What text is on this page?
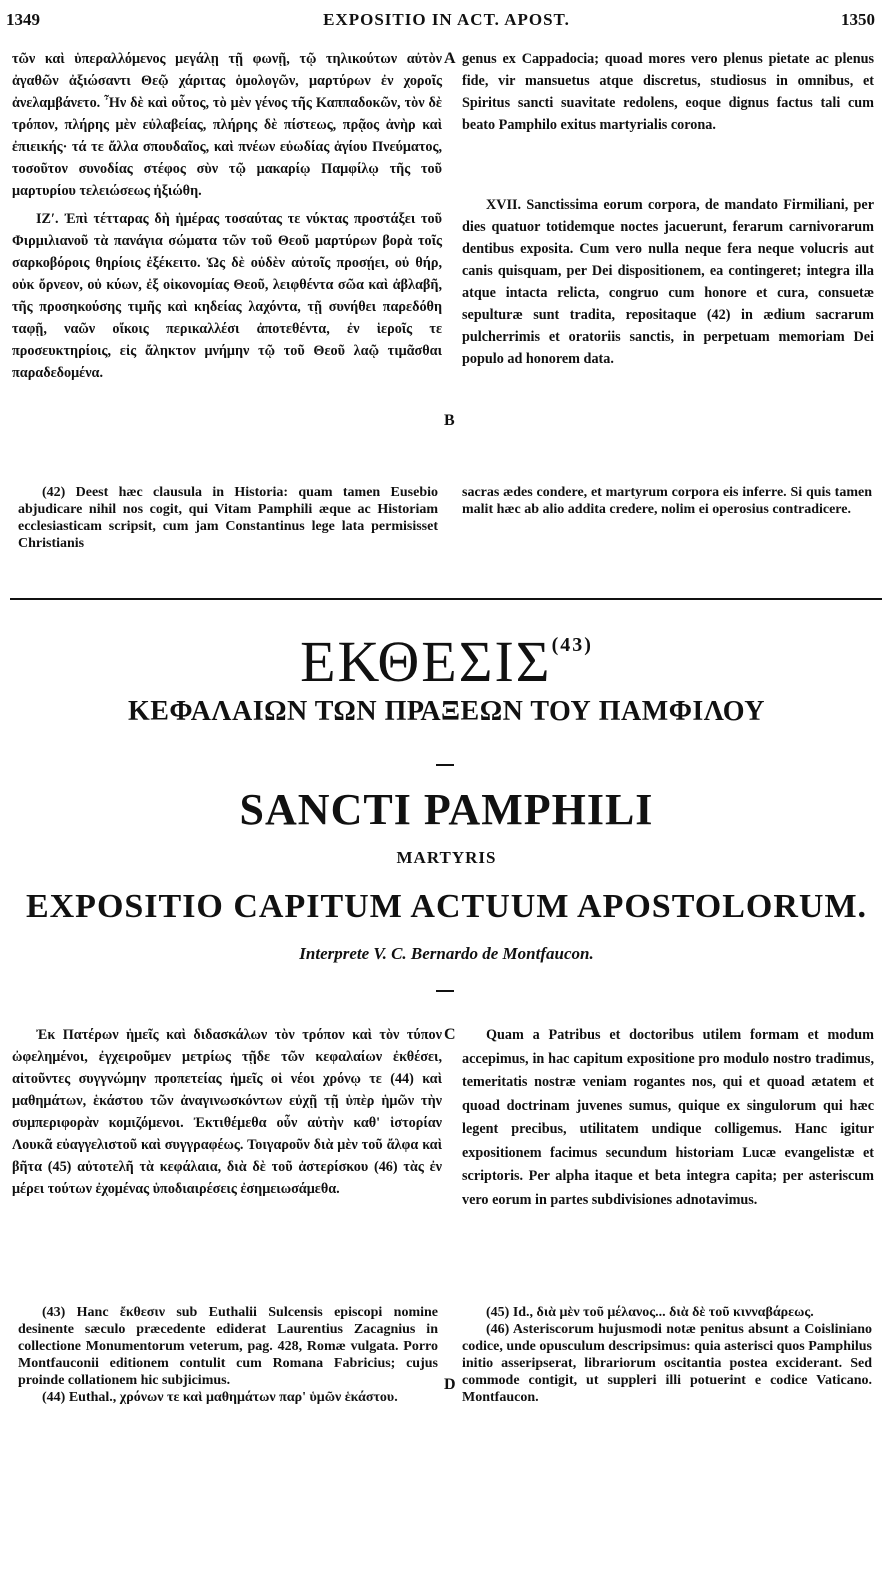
1349	EXPOSITIO IN ACT. APOST.	1350

τῶν καὶ ὑπεραλλόμενος μεγάλῃ τῇ φωνῇ, τῷ τηλικούτων αὐτὸν ἀγαθῶν ἀξιώσαντι Θεῷ χάριτας ὁμολογῶν, μαρτύρων ἐν χοροῖς ἀνελαμβάνετο. Ἦν δὲ καὶ οὗτος, τὸ μὲν γένος τῆς Καππαδοκῶν, τὸν δὲ τρόπον, πλήρης μὲν εὐλαβείας, πλήρης δὲ πίστεως, πρᾷος ἀνὴρ καὶ ἐπιεικής· τά τε ἄλλα σπουδαῖος, καὶ πνέων εὐωδίας ἁγίου Πνεύματος, τοσοῦτον συνοδίας στέφος σὺν τῷ μακαρίῳ Παμφίλῳ τῆς τοῦ μαρτυρίου τελειώσεως ἠξιώθη.

ΙΖʹ. Ἐπὶ τέτταρας δὴ ἡμέρας τοσαύτας τε νύκτας προστάξει τοῦ Φιρμιλιανοῦ τὰ πανάγια σώματα τῶν τοῦ Θεοῦ μαρτύρων βορὰ τοῖς σαρκοβόροις θηρίοις ἐξέκειτο. Ὡς δὲ οὐδὲν αὐτοῖς προσῄει, οὐ θήρ, οὐκ ὄρνεον, οὐ κύων, ἐξ οἰκονομίας Θεοῦ, λειφθέντα σῶα καὶ ἀβλαβῆ, τῆς προσηκούσης τιμῆς καὶ κηδείας λαχόντα, τῇ συνήθει παρεδόθη ταφῇ, ναῶν οἴκοις περικαλλέσι ἀποτεθέντα, ἐν ἱεροῖς τε προσευκτηρίοις, εἰς ἄληκτον μνήμην τῷ τοῦ Θεοῦ λαῷ τιμᾶσθαι παραδεδομένα.

genus ex Cappadocia; quoad mores vero plenus pietate ac plenus fide, vir mansuetus atque discretus, studiosus in omnibus, et Spiritus sancti suavitate redolens, eoque dignus factus tali cum beato Pamphilo exitus martyrialis corona.

XVII. Sanctissima eorum corpora, de mandato Firmiliani, per dies quatuor totidemque noctes jacuerunt, ferarum carnivorarum dentibus exposita. Cum vero nulla neque fera neque volucris aut canis quisquam, per Dei dispositionem, ea contingeret; integra illa atque intacta relicta, congruo cum honore et cura, consuetæ sepulturæ sunt tradita, repositaque (42) in ædium sacrarum pulcherrimis et oratoriis sanctis, in perpetuam memoriam Dei populo ad honorem data.

A
B

(42) Deest hæc clausula in Historia: quam tamen Eusebio abjudicare nihil nos cogit, qui Vitam Pamphili æque ac Historiam ecclesiasticam scripsit, cum jam Constantinus lege lata permisisset Christianis

sacras ædes condere, et martyrum corpora eis inferre. Si quis tamen malit hæc ab alio addita credere, nolim ei operosius contradicere.

ΕΚΘΕΣΙΣ$^{(43)}$
ΚΕΦΑΛΑΙΩΝ ΤΩΝ ΠΡΑΞΕΩΝ ΤΟΥ ΠΑΜΦΙΛΟΥ
SANCTI PAMPHILI
MARTYRIS
EXPOSITIO CAPITUM ACTUUM APOSTOLORUM.
Interprete V. C. Bernardo de Montfaucon.

Ἐκ Πατέρων ἡμεῖς καὶ διδασκάλων τὸν τρόπον καὶ τὸν τύπον ὠφελημένοι, ἐγχειροῦμεν μετρίως τῇδε τῶν κεφαλαίων ἐκθέσει, αἰτοῦντες συγγνώμην προπετείας ἡμεῖς οἱ νέοι χρόνῳ τε (44) καὶ μαθημάτων, ἑκάστου τῶν ἀναγινωσκόντων εὐχῇ τῇ ὑπὲρ ἡμῶν τὴν συμπεριφορὰν κομιζόμενοι. Ἐκτιθέμεθα οὖν αὐτὴν καθ' ἱστορίαν Λουκᾶ εὐαγγελιστοῦ καὶ συγγραφέως. Τοιγαροῦν διὰ μὲν τοῦ ἄλφα καὶ βῆτα (45) αὐτοτελῆ τὰ κεφάλαια, διὰ δὲ τοῦ ἀστερίσκου (46) τὰς ἐν μέρει τούτων ἐχομένας ὑποδιαιρέσεις ἐσημειωσάμεθα.

Quam a Patribus et doctoribus utilem formam et modum accepimus, in hac capitum expositione pro modulo nostro tradimus, temeritatis nostræ veniam rogantes nos, qui et quoad ætatem et quoad doctrinam juvenes sumus, quique ex singulorum qui hæc legent precibus, utilitatem undique colligemus. Hanc igitur expositionem facimus secundum historiam Lucæ evangelistæ et scriptoris. Per alpha itaque et beta integra capita; per asteriscum vero eorum in partes subdivisiones adnotavimus.

C
D

(43) Hanc ἔκθεσιν sub Euthalii Sulcensis episcopi nomine desinente sæculo præcedente ediderat Laurentius Zacagnius in collectione Monumentorum veterum, pag. 428, Romæ vulgata. Porro Montfauconii editionem contulit cum Romana Fabricius; cujus proinde collationem hic subjicimus.

(44) Euthal., χρόνων τε καὶ μαθημάτων παρ' ὑμῶν ἑκάστου.

(45) Id., διὰ μὲν τοῦ μέλανος... διὰ δὲ τοῦ κινναβάρεως.

(46) Asteriscorum hujusmodi notæ penitus absunt a Coisliniano codice, unde opusculum descripsimus: quia asterisci quos Pamphilus initio asseripserat, librariorum oscitantia postea exciderant. Sed commode contigit, ut suppleri illi potuerint e codice Vaticano. Montfaucon.
